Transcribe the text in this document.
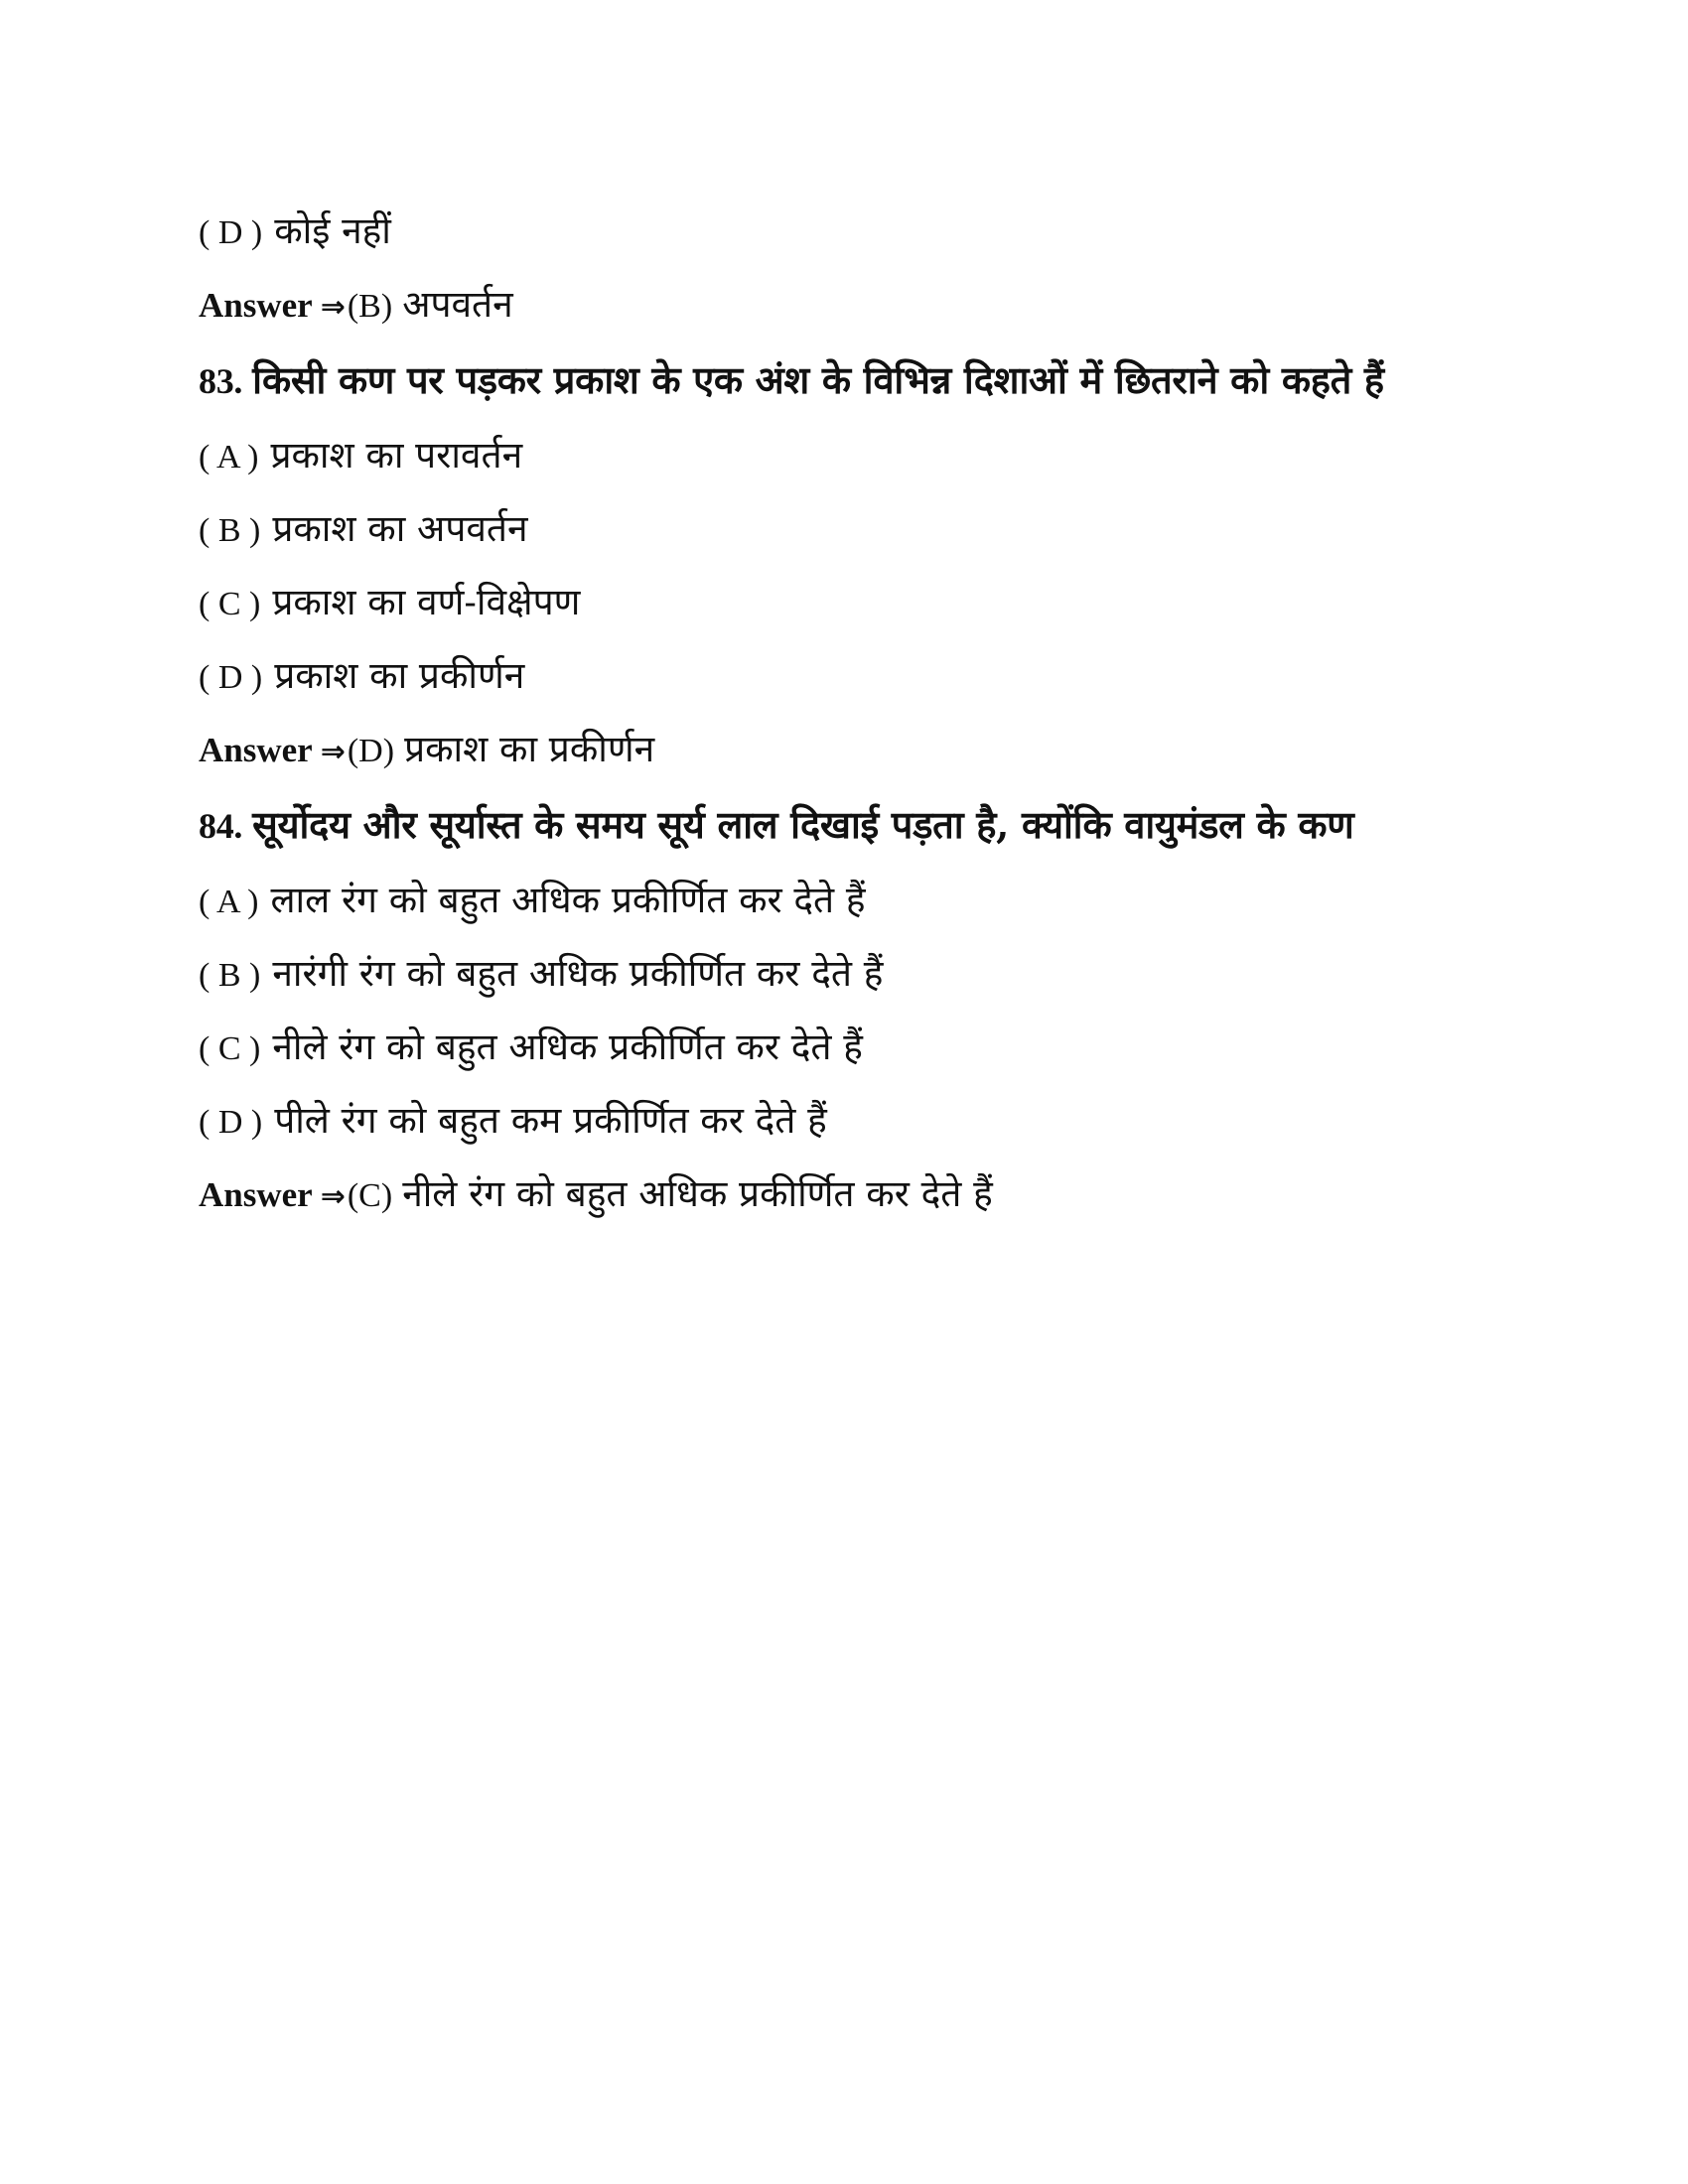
( D ) कोई नहीं
Answer ⇒(B) अपवर्तन
83. किसी कण पर पड़कर प्रकाश के एक अंश के विभिन्न दिशाओं में छितराने को कहते हैं
( A ) प्रकाश का परावर्तन
( B ) प्रकाश का अपवर्तन
( C ) प्रकाश का वर्ण-विक्षेपण
( D ) प्रकाश का प्रकीर्णन
Answer ⇒(D) प्रकाश का प्रकीर्णन
84. सूर्योदय और सूर्यास्त के समय सूर्य लाल दिखाई पड़ता है, क्योंकि वायुमंडल के कण
( A ) लाल रंग को बहुत अधिक प्रकीर्णित कर देते हैं
( B ) नारंगी रंग को बहुत अधिक प्रकीर्णित कर देते हैं
( C ) नीले रंग को बहुत अधिक प्रकीर्णित कर देते हैं
( D ) पीले रंग को बहुत कम प्रकीर्णित कर देते हैं
Answer ⇒(C) नीले रंग को बहुत अधिक प्रकीर्णित कर देते हैं
